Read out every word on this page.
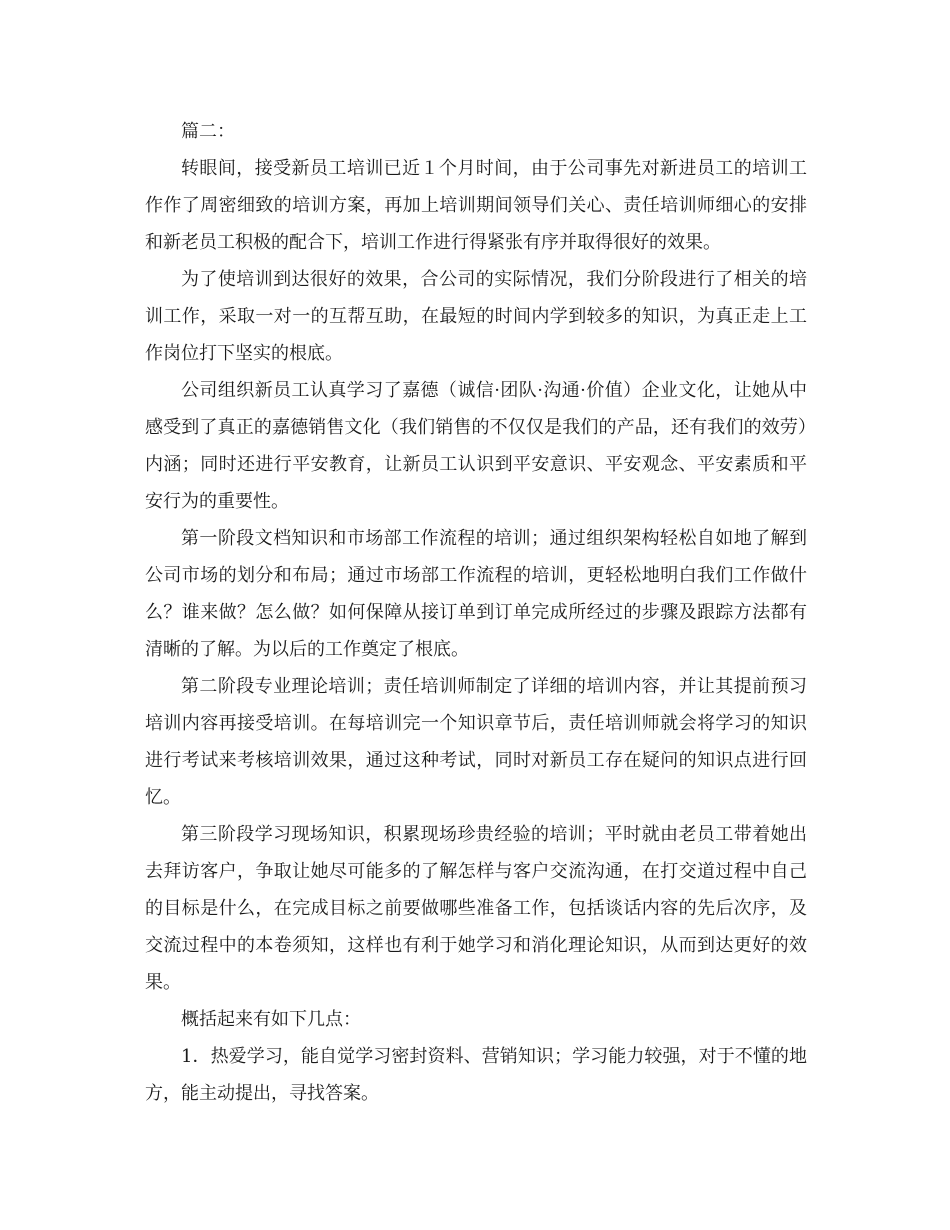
篇二：

转眼间，接受新员工培训已近１个月时间，由于公司事先对新进员工的培训工作作了周密细致的培训方案，再加上培训期间领导们关心、责任培训师细心的安排和新老员工积极的配合下，培训工作进行得紧张有序并取得很好的效果。

为了使培训到达很好的效果，合公司的实际情况，我们分阶段进行了相关的培训工作，采取一对一的互帮互助，在最短的时间内学到较多的知识，为真正走上工作岗位打下坚实的根底。

公司组织新员工认真学习了嘉德（诚信·团队·沟通·价值）企业文化，让她从中感受到了真正的嘉德销售文化（我们销售的不仅仅是我们的产品，还有我们的效劳）内涵；同时还进行平安教育，让新员工认识到平安意识、平安观念、平安素质和平安行为的重要性。

第一阶段文档知识和市场部工作流程的培训；通过组织架构轻松自如地了解到公司市场的划分和布局；通过市场部工作流程的培训，更轻松地明白我们工作做什么？谁来做？怎么做？如何保障从接订单到订单完成所经过的步骤及跟踪方法都有清晰的了解。为以后的工作奠定了根底。

第二阶段专业理论培训；责任培训师制定了详细的培训内容，并让其提前预习培训内容再接受培训。在每培训完一个知识章节后，责任培训师就会将学习的知识进行考试来考核培训效果，通过这种考试，同时对新员工存在疑问的知识点进行回忆。

第三阶段学习现场知识，积累现场珍贵经验的培训；平时就由老员工带着她出去拜访客户，争取让她尽可能多的了解怎样与客户交流沟通，在打交道过程中自己的目标是什么，在完成目标之前要做哪些准备工作，包括谈话内容的先后次序，及交流过程中的本卷须知，这样也有利于她学习和消化理论知识，从而到达更好的效果。

概括起来有如下几点：

1．热爱学习，能自觉学习密封资料、营销知识；学习能力较强，对于不懂的地方，能主动提出，寻找答案。
